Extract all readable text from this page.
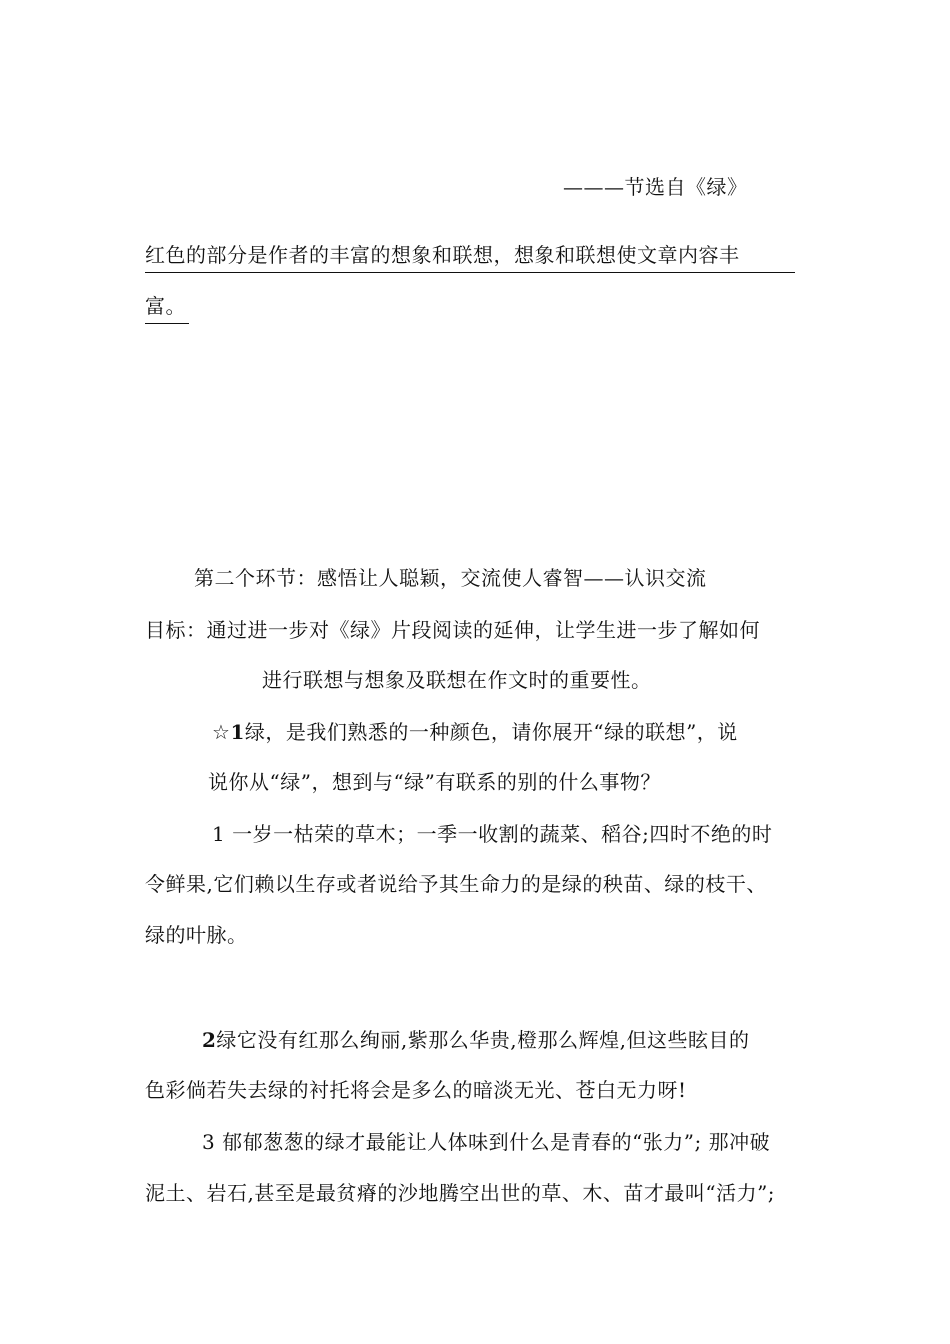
———节选自《绿》
红色的部分是作者的丰富的想象和联想，想象和联想使文章内容丰
富。
第二个环节：感悟让人聪颖，交流使人睿智——认识交流
目标：通过进一步对《绿》片段阅读的延伸，让学生进一步了解如何
进行联想与想象及联想在作文时的重要性。
☆1绿，是我们熟悉的一种颜色，请你展开“绿的联想”，说
说你从“绿”，想到与“绿”有联系的别的什么事物？
1 一岁一枯荣的草木；一季一收割的蔬菜、稻谷;四时不绝的时
令鲜果,它们赖以生存或者说给予其生命力的是绿的秧苗、绿的枝干、
绿的叶脉。
2绿它没有红那么绚丽,紫那么华贵,橙那么辉煌,但这些眩目的
色彩倘若失去绿的衬托将会是多么的暗淡无光、苍白无力呀!
3 郁郁葱葱的绿才最能让人体味到什么是青春的“张力”; 那冲破
泥土、岩石,甚至是最贫瘠的沙地腾空出世的草、木、苗才最叫“活力”;
